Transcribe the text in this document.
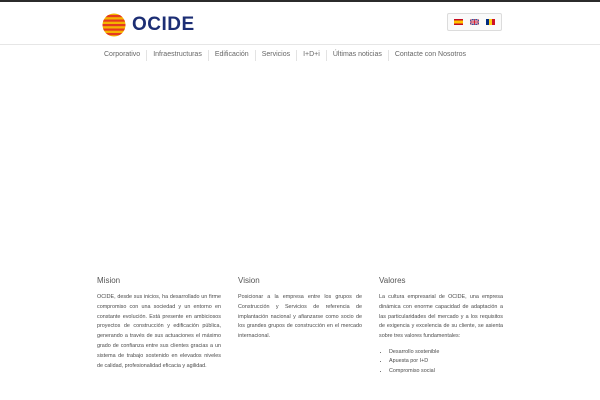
OCIDE
Corporativo	Infraestructuras	Edificación	Servicios	I+D+i	Últimas noticias	Contacte con Nosotros
Mision

OCIDE, desde sus inicios, ha desarrollado un firme compromiso con una sociedad y un entorno en constante evolución. Está presente en ambiciosos proyectos de construcción y edificación pública, generando a través de sus actuaciones el máximo grado de confianza entre sus clientes gracias a un sistema de trabajo sostenido en elevados niveles de calidad, profesionalidad eficacia y agilidad.

Vision

Posicionar a la empresa entre los grupos de Construcción y Servicios de referencia de implantación nacional y afianzarse como socio de los grandes grupos de construcción en el mercado internacional.

Valores

La cultura empresarial de OCIDE, una empresa dinámica con enorme capacidad de adaptación a las particularidades del mercado y a los requisitos de exigencia y excelencia de su cliente, se asienta sobre tres valores fundamentales:

• Desarrollo sostenible
• Apuesta por I+D
• Compromiso social
